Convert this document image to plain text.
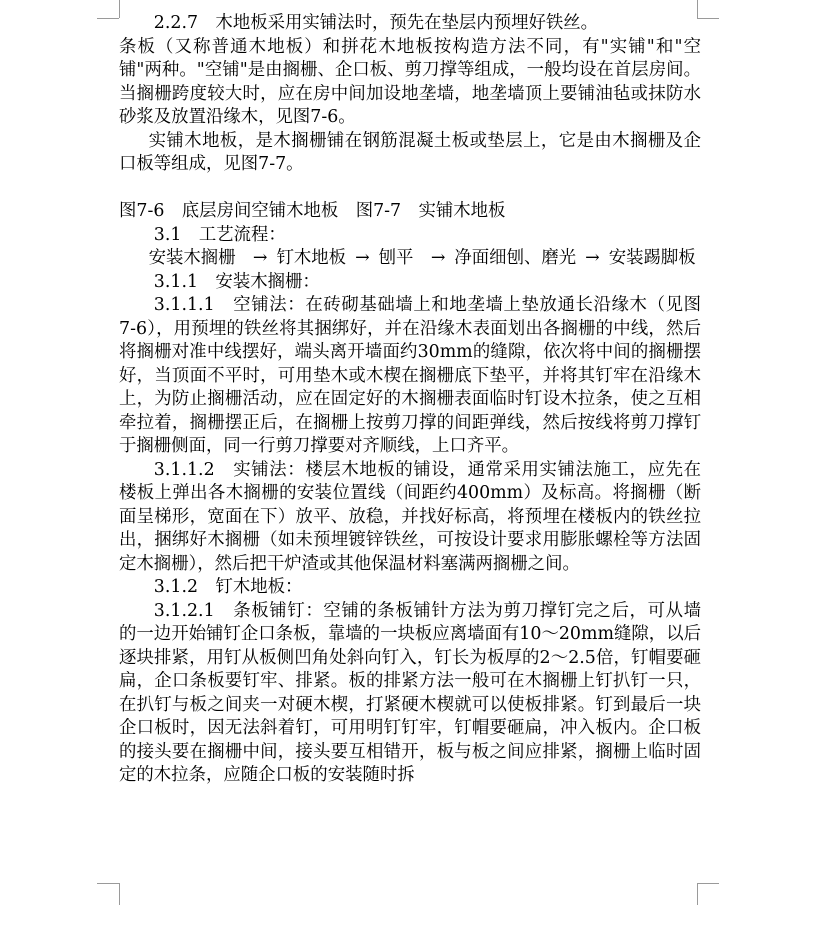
2.2.7　木地板采用实铺法时，预先在垫层内预埋好铁丝。

条板（又称普通木地板）和拼花木地板按构造方法不同，有"实铺"和"空铺"两种。"空铺"是由搁栅、企口板、剪刀撑等组成，一般均设在首层房间。当搁栅跨度较大时，应在房中间加设地垄墙，地垄墙顶上要铺油毡或抹防水砂浆及放置沿缘木，见图7-6。

实铺木地板，是木搁栅铺在钢筋混凝土板或垫层上，它是由木搁栅及企口板等组成，见图7-7。

图7-6　底层房间空铺木地板　图7-7　实铺木地板

3.1　工艺流程：

安装木搁栅　→ 钉木地板 → 刨平　→ 净面细刨、磨光 → 安装踢脚板

3.1.1　安装木搁栅：

3.1.1.1　空铺法：在砖砌基础墙上和地垄墙上垫放通长沿缘木（见图7-6），用预埋的铁丝将其捆绑好，并在沿缘木表面划出各搁栅的中线，然后将搁栅对准中线摆好，端头离开墙面约30mm的缝隙，依次将中间的搁栅摆好，当顶面不平时，可用垫木或木楔在搁栅底下垫平，并将其钉牢在沿缘木上，为防止搁栅活动，应在固定好的木搁栅表面临时钉设木拉条，使之互相牵拉着，搁栅摆正后，在搁栅上按剪刀撑的间距弹线，然后按线将剪刀撑钉于搁栅侧面，同一行剪刀撑要对齐顺线，上口齐平。

3.1.1.2　实铺法：楼层木地板的铺设，通常采用实铺法施工，应先在楼板上弹出各木搁栅的安装位置线（间距约400mm）及标高。将搁栅（断面呈梯形，宽面在下）放平、放稳，并找好标高，将预埋在楼板内的铁丝拉出，捆绑好木搁栅（如未预埋镀锌铁丝，可按设计要求用膨胀螺栓等方法固定木搁栅），然后把干炉渣或其他保温材料塞满两搁栅之间。

3.1.2　钉木地板：

3.1.2.1　条板铺钉：空铺的条板铺针方法为剪刀撑钉完之后，可从墙的一边开始铺钉企口条板，靠墙的一块板应离墙面有10～20mm缝隙，以后逐块排紧，用钉从板侧凹角处斜向钉入，钉长为板厚的2～2.5倍，钉帽要砸扁，企口条板要钉牢、排紧。板的排紧方法一般可在木搁栅上钉扒钉一只，在扒钉与板之间夹一对硬木楔，打紧硬木楔就可以使板排紧。钉到最后一块企口板时，因无法斜着钉，可用明钉钉牢，钉帽要砸扁，冲入板内。企口板的接头要在搁栅中间，接头要互相错开，板与板之间应排紧，搁栅上临时固定的木拉条，应随企口板的安装随时拆
